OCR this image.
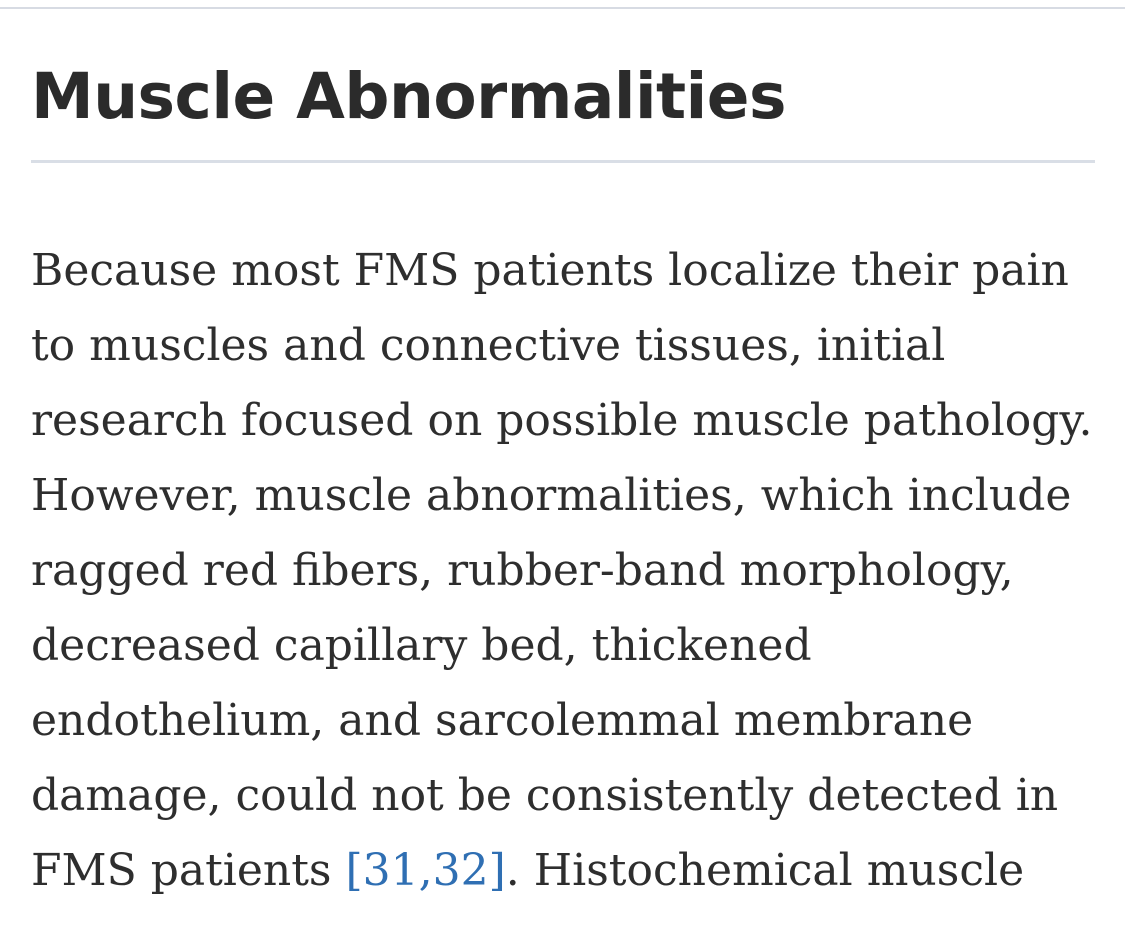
Muscle Abnormalities
Because most FMS patients localize their pain
to muscles and connective tissues, initial
research focused on possible muscle pathology.
However, muscle abnormalities, which include
ragged red fibers, rubber-band morphology,
decreased capillary bed, thickened
endothelium, and sarcolemmal membrane
damage, could not be consistently detected in
FMS patients [31,32]. Histochemical muscle
